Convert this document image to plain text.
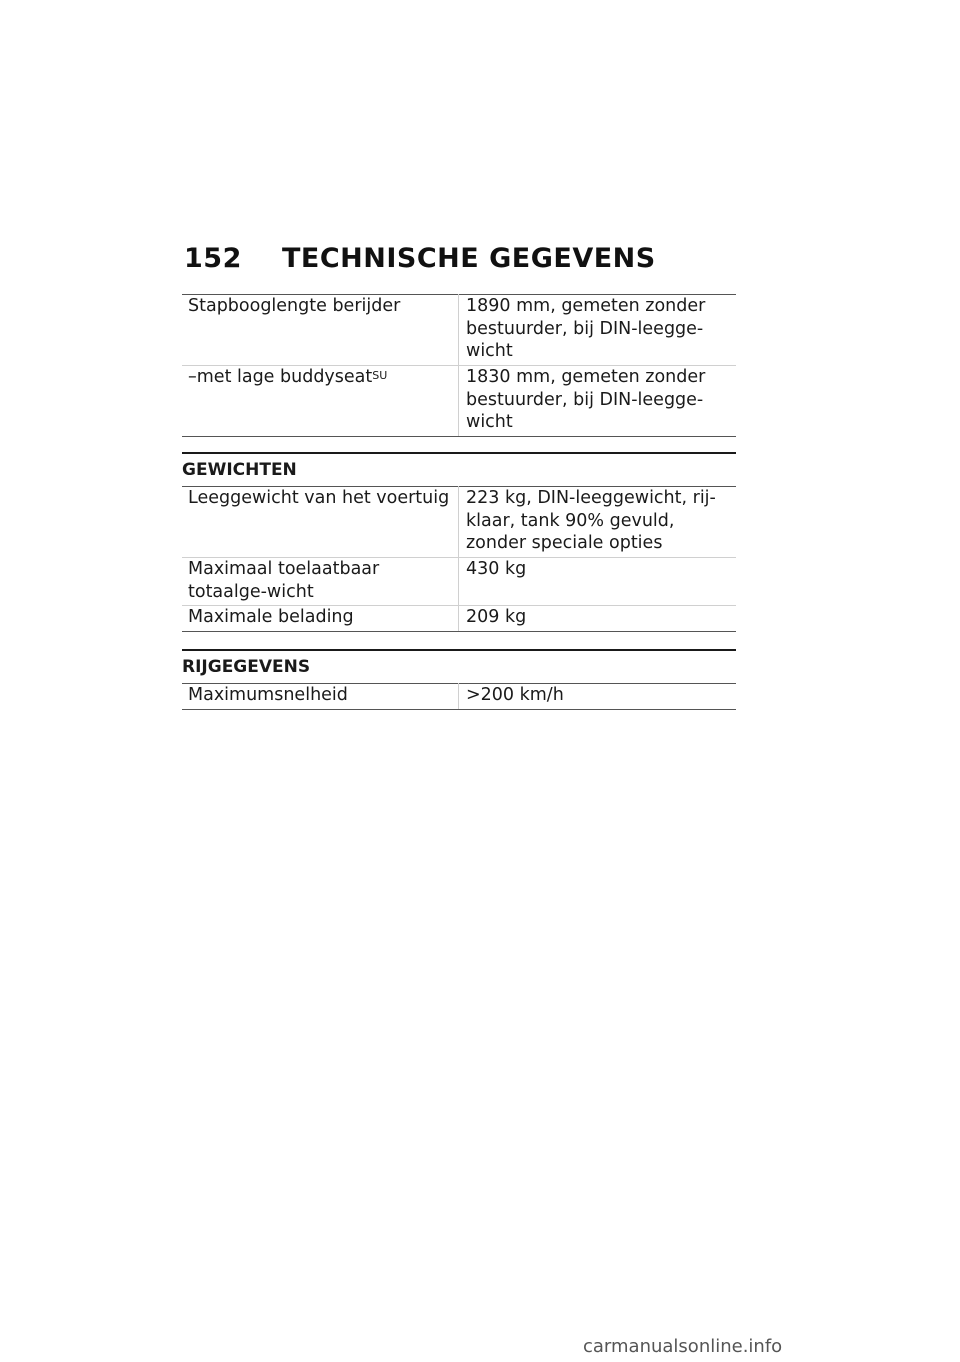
152 TECHNISCHE GEGEVENS
Stapbooglengte berijder	1890 mm, gemeten zonder bestuurder, bij DIN-leegge-wicht
–met lage buddyseat$^{SU}$	1830 mm, gemeten zonder bestuurder, bij DIN-leegge-wicht
GEWICHTEN
Leeggewicht van het voertuig	223 kg, DIN-leeggewicht, rij-klaar, tank 90% gevuld, zonder speciale opties
Maximaal toelaatbaar totaalge-wicht	430 kg
Maximale belading	209 kg
RIJGEGEVENS
Maximumsnelheid	>200 km/h
carmanualsonline.info
